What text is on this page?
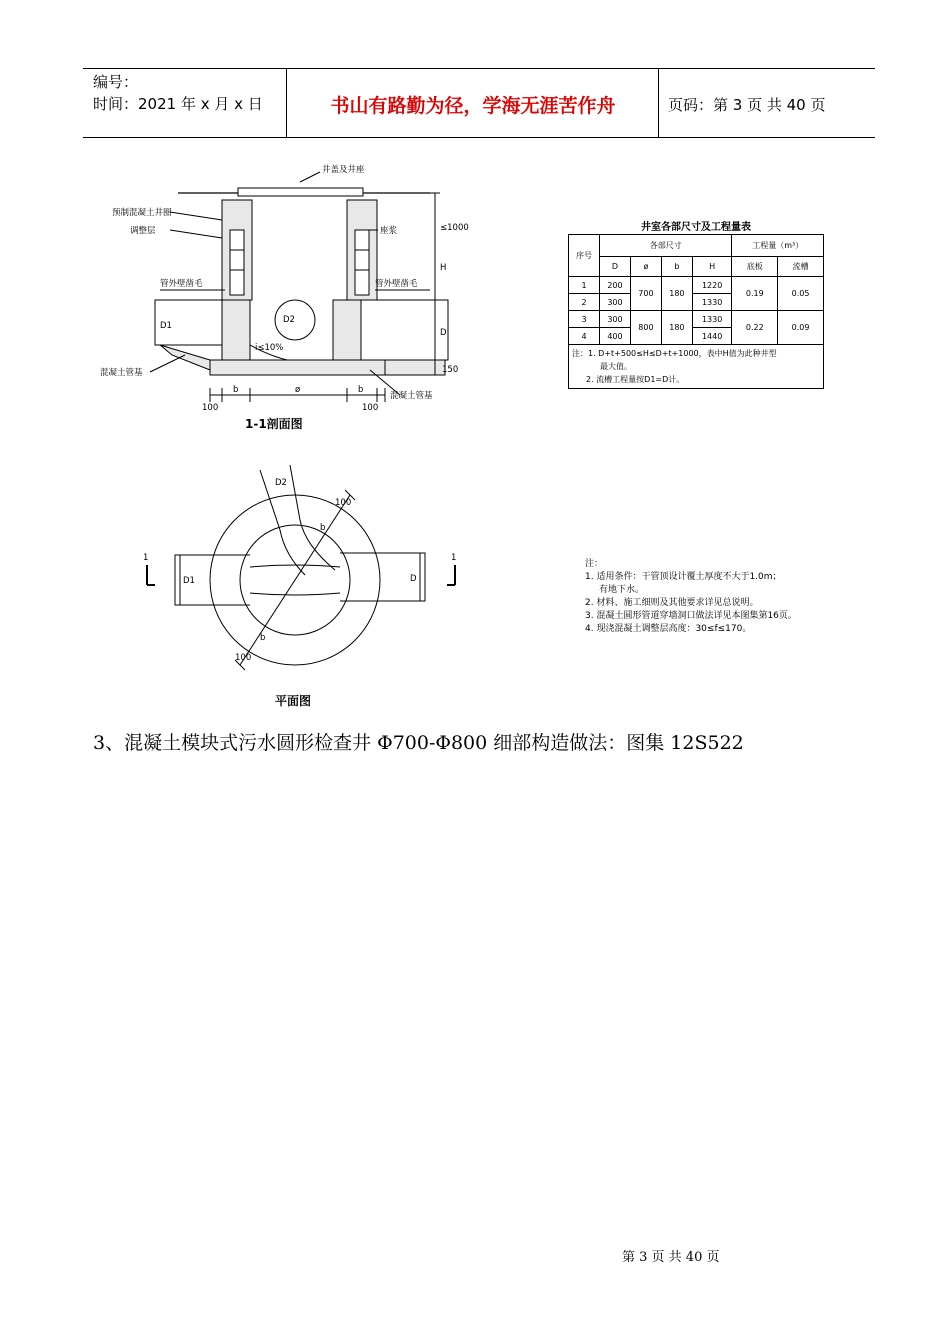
编号：
时间：2021 年 x 月 x 日	书山有路勤为径，学海无涯苦作舟	页码：第 3 页 共 40 页
井盖及井座
预制混凝土井圈
调整层	座浆
管外壁凿毛	管外壁凿毛
混凝土管基
混凝土管基
D1
D2
D
H
≤1000
i≤10%
150
100	100
b	b
ø
1-1剖面图
井室各部尺寸及工程量表
序号	各部尺寸				工程量（m³）	
	D	ø	b	H	底板	流槽
1	200	700	180	1220	0.19	0.05
2	300			1330		
3	300	800	180	1330	0.22	0.09
4	400			1440		

注：1. D+t+500≤H≤D+t+1000，表中H值为此种井型
最大值。
2. 流槽工程量按D1=D计。						
1	1
D1
D2
D
100
100
b
b
平面图
注：
1. 适用条件：干管顶设计覆土厚度不大于1.0m；
有地下水。
2. 材料、施工细则及其他要求详见总说明。
3. 混凝土圆形管道穿墙洞口做法详见本图集第16页。
4. 现浇混凝土调整层高度：30≤f≤170。
3、混凝土模块式污水圆形检查井 Φ700-Φ800 细部构造做法：图集 12S522
第 3 页 共 40 页
